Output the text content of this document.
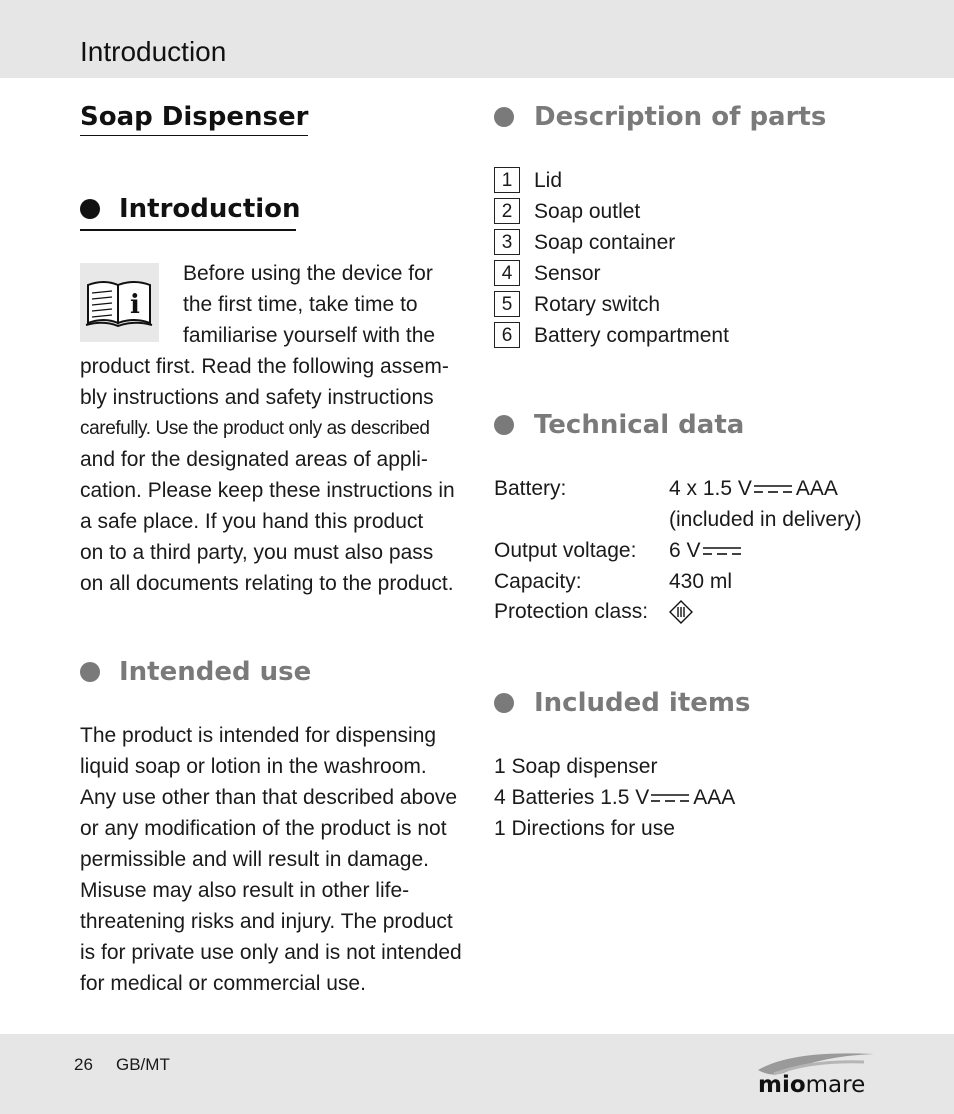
Introduction
Soap Dispenser
Introduction
i
Before using the device for
the first time, take time to
familiarise yourself with the
product first. Read the following assem-
bly instructions and safety instructions
carefully. Use the product only as described
and for the designated areas of appli-
cation. Please keep these instructions in
a safe place. If you hand this product
on to a third party, you must also pass
on all documents relating to the product.
Intended use
The product is intended for dispensing
liquid soap or lotion in the washroom.
Any use other than that described above
or any modification of the product is not
permissible and will result in damage.
Misuse may also result in other life-
threatening risks and injury. The product
is for private use only and is not intended
for medical or commercial use.
Description of parts
1	Lid
2	Soap outlet
3	Soap container
4	Sensor
5	Rotary switch
6	Battery compartment
Technical data
Battery:	4 x 1.5 V AAA
(included in delivery)
Output voltage: 6 V
Capacity:	430 ml
Protection class:
Included items
1 Soap dispenser
4 Batteries 1.5 V AAA
1 Directions for use
26 GB/MT
miomare
